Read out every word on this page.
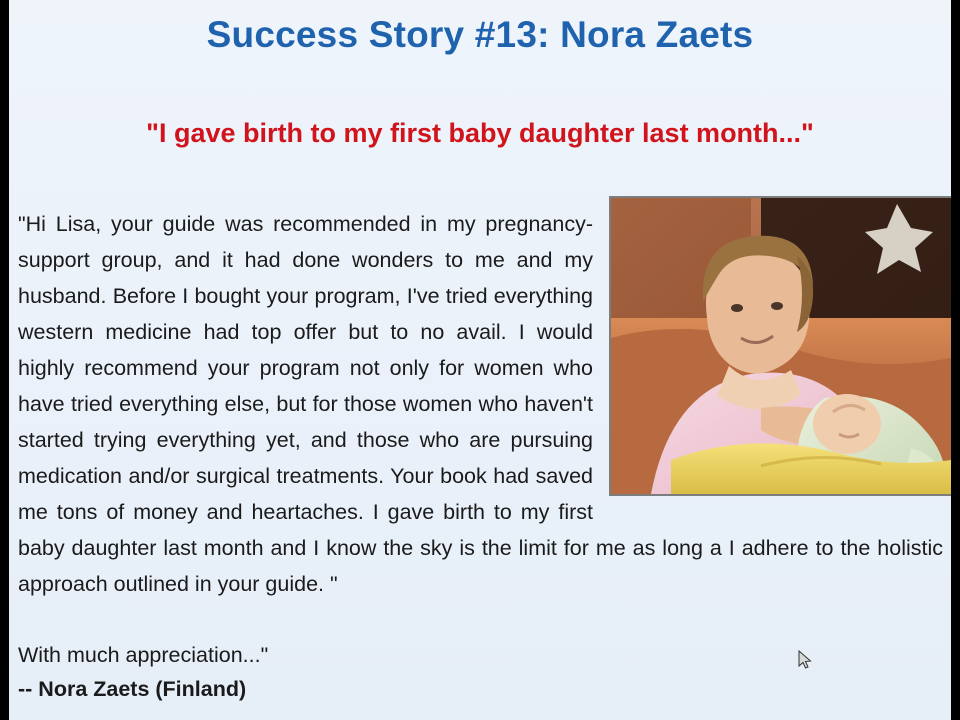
Success Story #13: Nora Zaets
"I gave birth to my first baby daughter last month..."

"Hi Lisa, your guide was recommended in my pregnancy-support group, and it had done wonders to me and my husband. Before I bought your program, I've tried everything western medicine had top offer but to no avail. I would highly recommend your program not only for women who have tried everything else, but for those women who haven't started trying everything yet, and those who are pursuing medication and/or surgical treatments. Your book had saved me tons of money and heartaches. I gave birth to my first baby daughter last month and I know the sky is the limit for me as long a I adhere to the holistic approach outlined in your guide. "

With much appreciation..."
-- Nora Zaets (Finland)
